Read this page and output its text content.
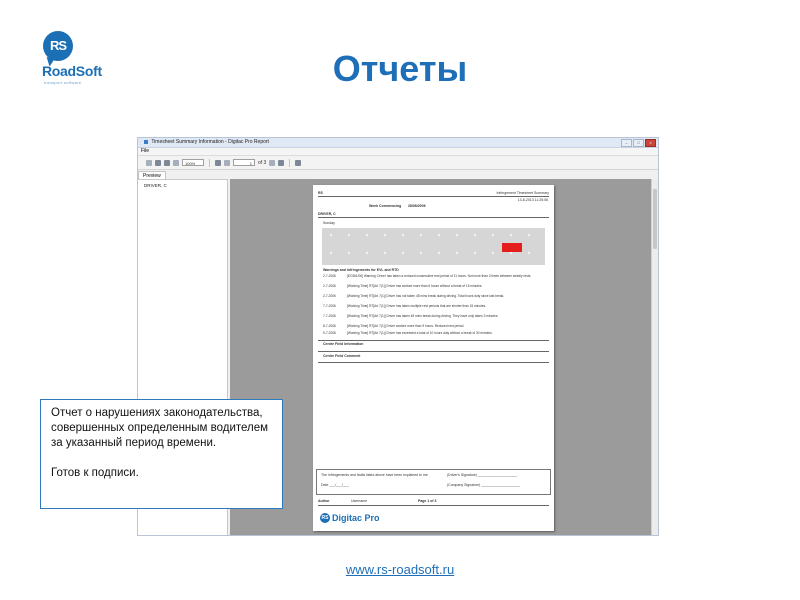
RS
RoadSoft
transport software	Отчеты
Timesheet Summary Information - Digitac Pro Report	–	□	×
File
100%	1	of 3
Preview
DRIVER, C
RS	Infringement Timesheet Summary
13-8-2013 11:25:06
Week Commencing 28/08/2006
DRIVER, C
Sunday
Warnings and Infringements for EVL and RTD
2-7-2006	[EC561/06] Warning: Driver has taken a reduced consecutive rest period of 11 hours. Not more than 3 times between weekly rests.
2-7-2006	[Working Time] RT[Art 7(1)] Driver has worked more than 6 hours without a break of 15 minutes.
2-7-2006	[Working Time] RT[Art 7(1)] Driver has not taken 45 mins break during driving. Total hours duty since last break.
7-7-2006	[Working Time] RT[Art 7(1)] Driver has taken multiple rest periods that are shorter than 15 minutes.
7-7-2006	[Working Time] RT[Art 7(1)] Driver has taken 45 mins break during driving. They have only taken 3 minutes.
8-7-2006	[Working Time] RT[Art 7(1)] Driver worked more than 9 hours. Reduced rest period.
9-7-2006	[Working Time] RT[Art 7(1)] Driver has exceeded a total of 10 hours duty without a break of 30 minutes.
Centre Field Information
Centre Field Comment
The infringements and faults listed above have been explained to me	(Driver's Signature) ____________________
Date ___/___/___	(Company Signature) ____________________
Author	Username	Page 1 of 3
RS Digitac Pro

Отчет о нарушениях законодательства, совершенных определенным водителем за указанный период времени.

Готов к подписи.

www.rs-roadsoft.ru
